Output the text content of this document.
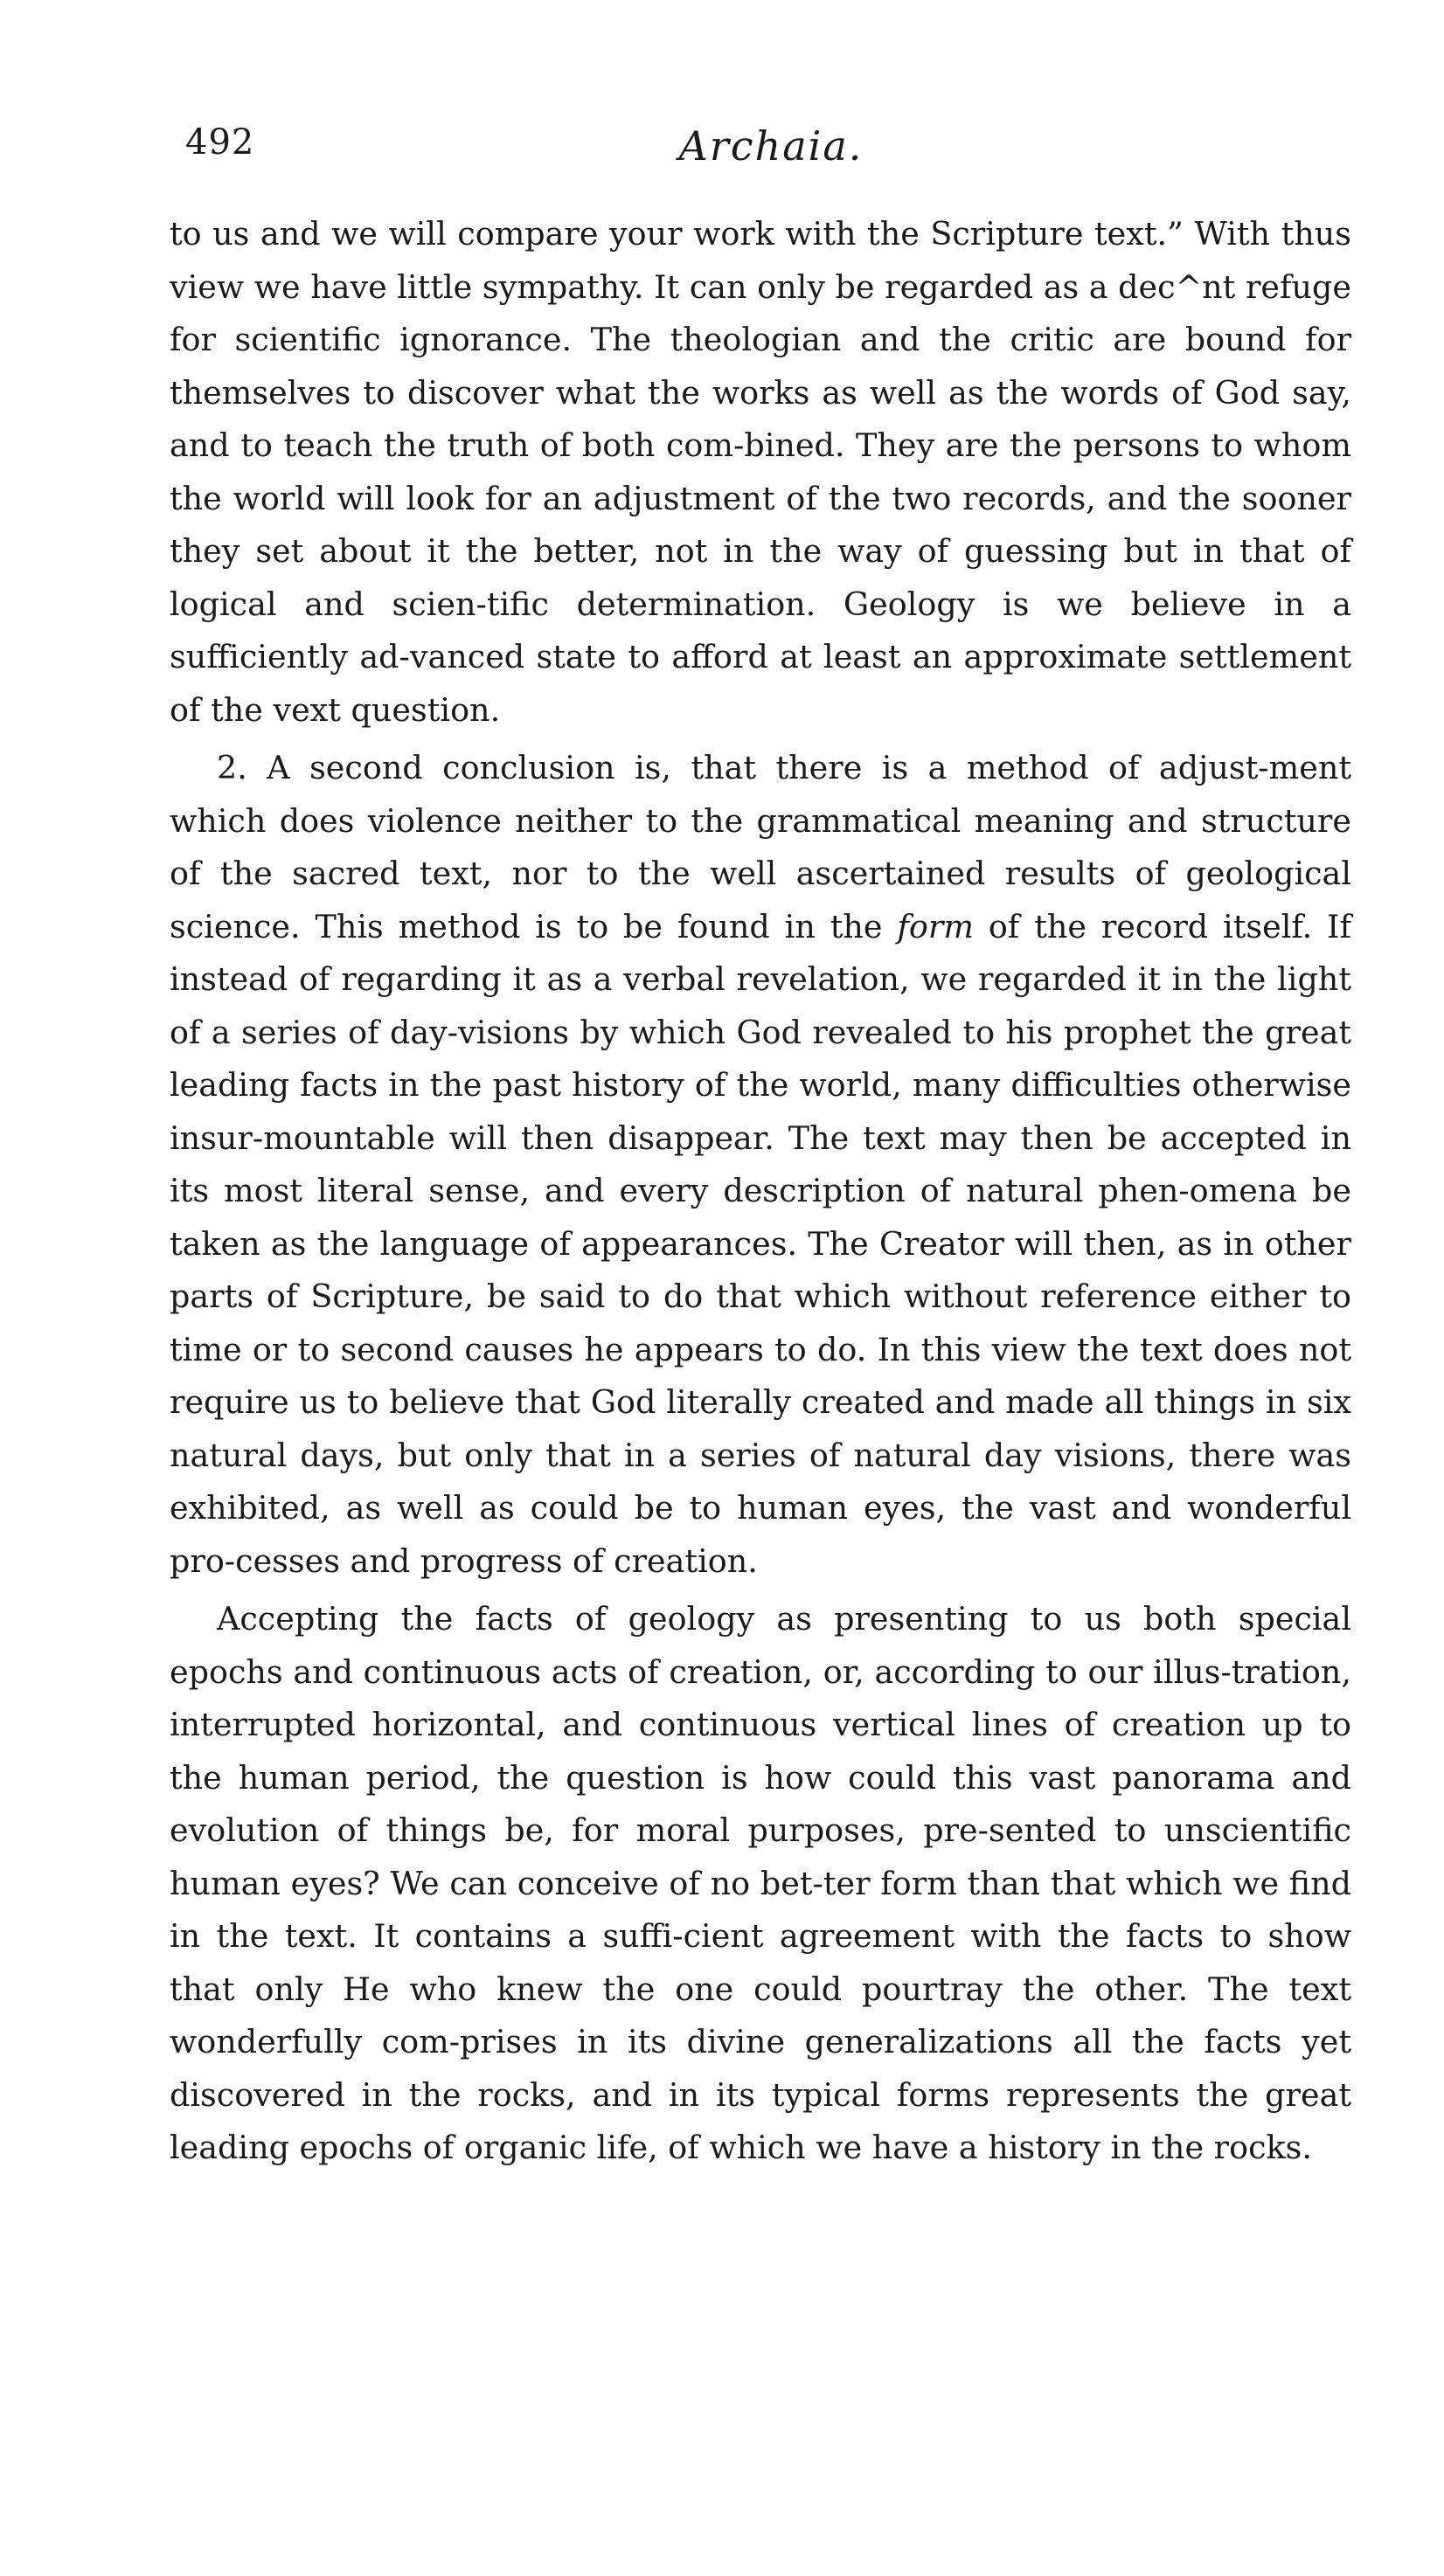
492	Archaia.

to us and we will compare your work with the Scripture text.” With thus view we have little sympathy. It can only be regarded as a dec^nt refuge for scientific ignorance. The theologian and the critic are bound for themselves to discover what the works as well as the words of God say, and to teach the truth of both com-bined. They are the persons to whom the world will look for an adjustment of the two records, and the sooner they set about it the better, not in the way of guessing but in that of logical and scien-tific determination. Geology is we believe in a sufficiently ad-vanced state to afford at least an approximate settlement of the vext question.

2. A second conclusion is, that there is a method of adjust-ment which does violence neither to the grammatical meaning and structure of the sacred text, nor to the well ascertained results of geological science. This method is to be found in the form of the record itself. If instead of regarding it as a verbal revelation, we regarded it in the light of a series of day-visions by which God revealed to his prophet the great leading facts in the past history of the world, many difficulties otherwise insur-mountable will then disappear. The text may then be accepted in its most literal sense, and every description of natural phen-omena be taken as the language of appearances. The Creator will then, as in other parts of Scripture, be said to do that which without reference either to time or to second causes he appears to do. In this view the text does not require us to believe that God literally created and made all things in six natural days, but only that in a series of natural day visions, there was exhibited, as well as could be to human eyes, the vast and wonderful pro-cesses and progress of creation.

Accepting the facts of geology as presenting to us both special epochs and continuous acts of creation, or, according to our illus-tration, interrupted horizontal, and continuous vertical lines of creation up to the human period, the question is how could this vast panorama and evolution of things be, for moral purposes, pre-sented to unscientific human eyes? We can conceive of no bet-ter form than that which we find in the text. It contains a suffi-cient agreement with the facts to show that only He who knew the one could pourtray the other. The text wonderfully com-prises in its divine generalizations all the facts yet discovered in the rocks, and in its typical forms represents the great leading epochs of organic life, of which we have a history in the rocks.
